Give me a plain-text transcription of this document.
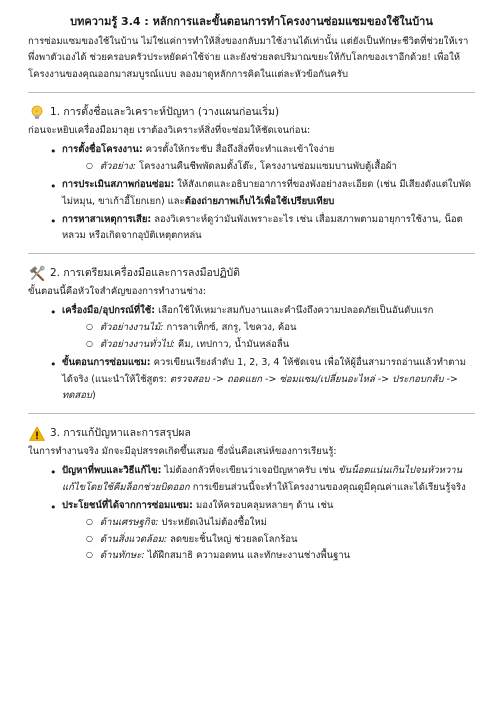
บทความรู้ 3.4 : หลักการและขั้นตอนการทำโครงงานซ่อมแซมของใช้ในบ้าน

การซ่อมแซมของใช้ในบ้าน ไม่ใช่แค่การทำให้สิ่งของกลับมาใช้งานได้เท่านั้น แต่ยังเป็นทักษะชีวิตที่ช่วยให้เราพึ่งพาตัวเองได้ ช่วยครอบครัวประหยัดค่าใช้จ่าย และยังช่วยลดปริมาณขยะให้กับโลกของเราอีกด้วย! เพื่อให้โครงงานของคุณออกมาสมบูรณ์แบบ ลองมาดูหลักการคิดในแต่ละหัวข้อกันครับ

1. การตั้งชื่อและวิเคราะห์ปัญหา (วางแผนก่อนเริ่ม)

ก่อนจะหยิบเครื่องมือมาลุย เราต้องวิเคราะห์สิ่งที่จะซ่อมให้ชัดเจนก่อน:

• การตั้งชื่อโครงงาน: ควรตั้งให้กระชับ สื่อถึงสิ่งที่จะทำและเข้าใจง่าย
○ ตัวอย่าง: โครงงานคืนชีพพัดลมตั้งโต๊ะ, โครงงานซ่อมแซมบานพับตู้เสื้อผ้า
• การประเมินสภาพก่อนซ่อม: ให้สังเกตและอธิบายอาการที่ของพังอย่างละเอียด (เช่น มีเสียงดังแต่ใบพัดไม่หมุน, ขาเก้าอี้โยกเยก) และต้องถ่ายภาพเก็บไว้เพื่อใช้เปรียบเทียบ
• การหาสาเหตุการเสีย: ลองวิเคราะห์ดูว่ามันพังเพราะอะไร เช่น เสื่อมสภาพตามอายุการใช้งาน, น็อตหลวม หรือเกิดจากอุบัติเหตุตกหล่น
2. การเตรียมเครื่องมือและการลงมือปฏิบัติ

ขั้นตอนนี้คือหัวใจสำคัญของการทำงานช่าง:

• เครื่องมือ/อุปกรณ์ที่ใช้: เลือกใช้ให้เหมาะสมกับงานและคำนึงถึงความปลอดภัยเป็นอันดับแรก
○ ตัวอย่างงานไม้: การลาเท็กซ์, สกรู, ไขควง, ค้อน
○ ตัวอย่างงานทั่วไป: คีม, เทปกาว, น้ำมันหล่อลื่น
• ขั้นตอนการซ่อมแซม: ควรเขียนเรียงลำดับ 1, 2, 3, 4 ให้ชัดเจน เพื่อให้ผู้อื่นสามารถอ่านแล้วทำตามได้จริง (แนะนำให้ใช้สูตร: ตรวจสอบ -> ถอดแยก -> ซ่อมแซม/เปลี่ยนอะไหล่ -> ประกอบกลับ -> ทดสอบ)
3. การแก้ปัญหาและการสรุปผล

ในการทำงานจริง มักจะมีอุปสรรคเกิดขึ้นเสมอ ซึ่งนั่นคือเสน่ห์ของการเรียนรู้:

• ปัญหาที่พบและวิธีแก้ไข: ไม่ต้องกลัวที่จะเขียนว่าเจอปัญหาครับ เช่น ขันน็อตแน่นเกินไปจนหัวหวาน แก้ไขโดยใช้คีมล็อกช่วยบิดออก การเขียนส่วนนี้จะทำให้โครงงานของคุณดูมีคุณค่าและได้เรียนรู้จริง
• ประโยชน์ที่ได้จากการซ่อมแซม: มองให้ครอบคลุมหลายๆ ด้าน เช่น
○ ด้านเศรษฐกิจ: ประหยัดเงินไม่ต้องซื้อใหม่
○ ด้านสิ่งแวดล้อม: ลดขยะชิ้นใหญ่ ช่วยลดโลกร้อน
○ ด้านทักษะ: ได้ฝึกสมาธิ ความอดทน และทักษะงานช่างพื้นฐาน
